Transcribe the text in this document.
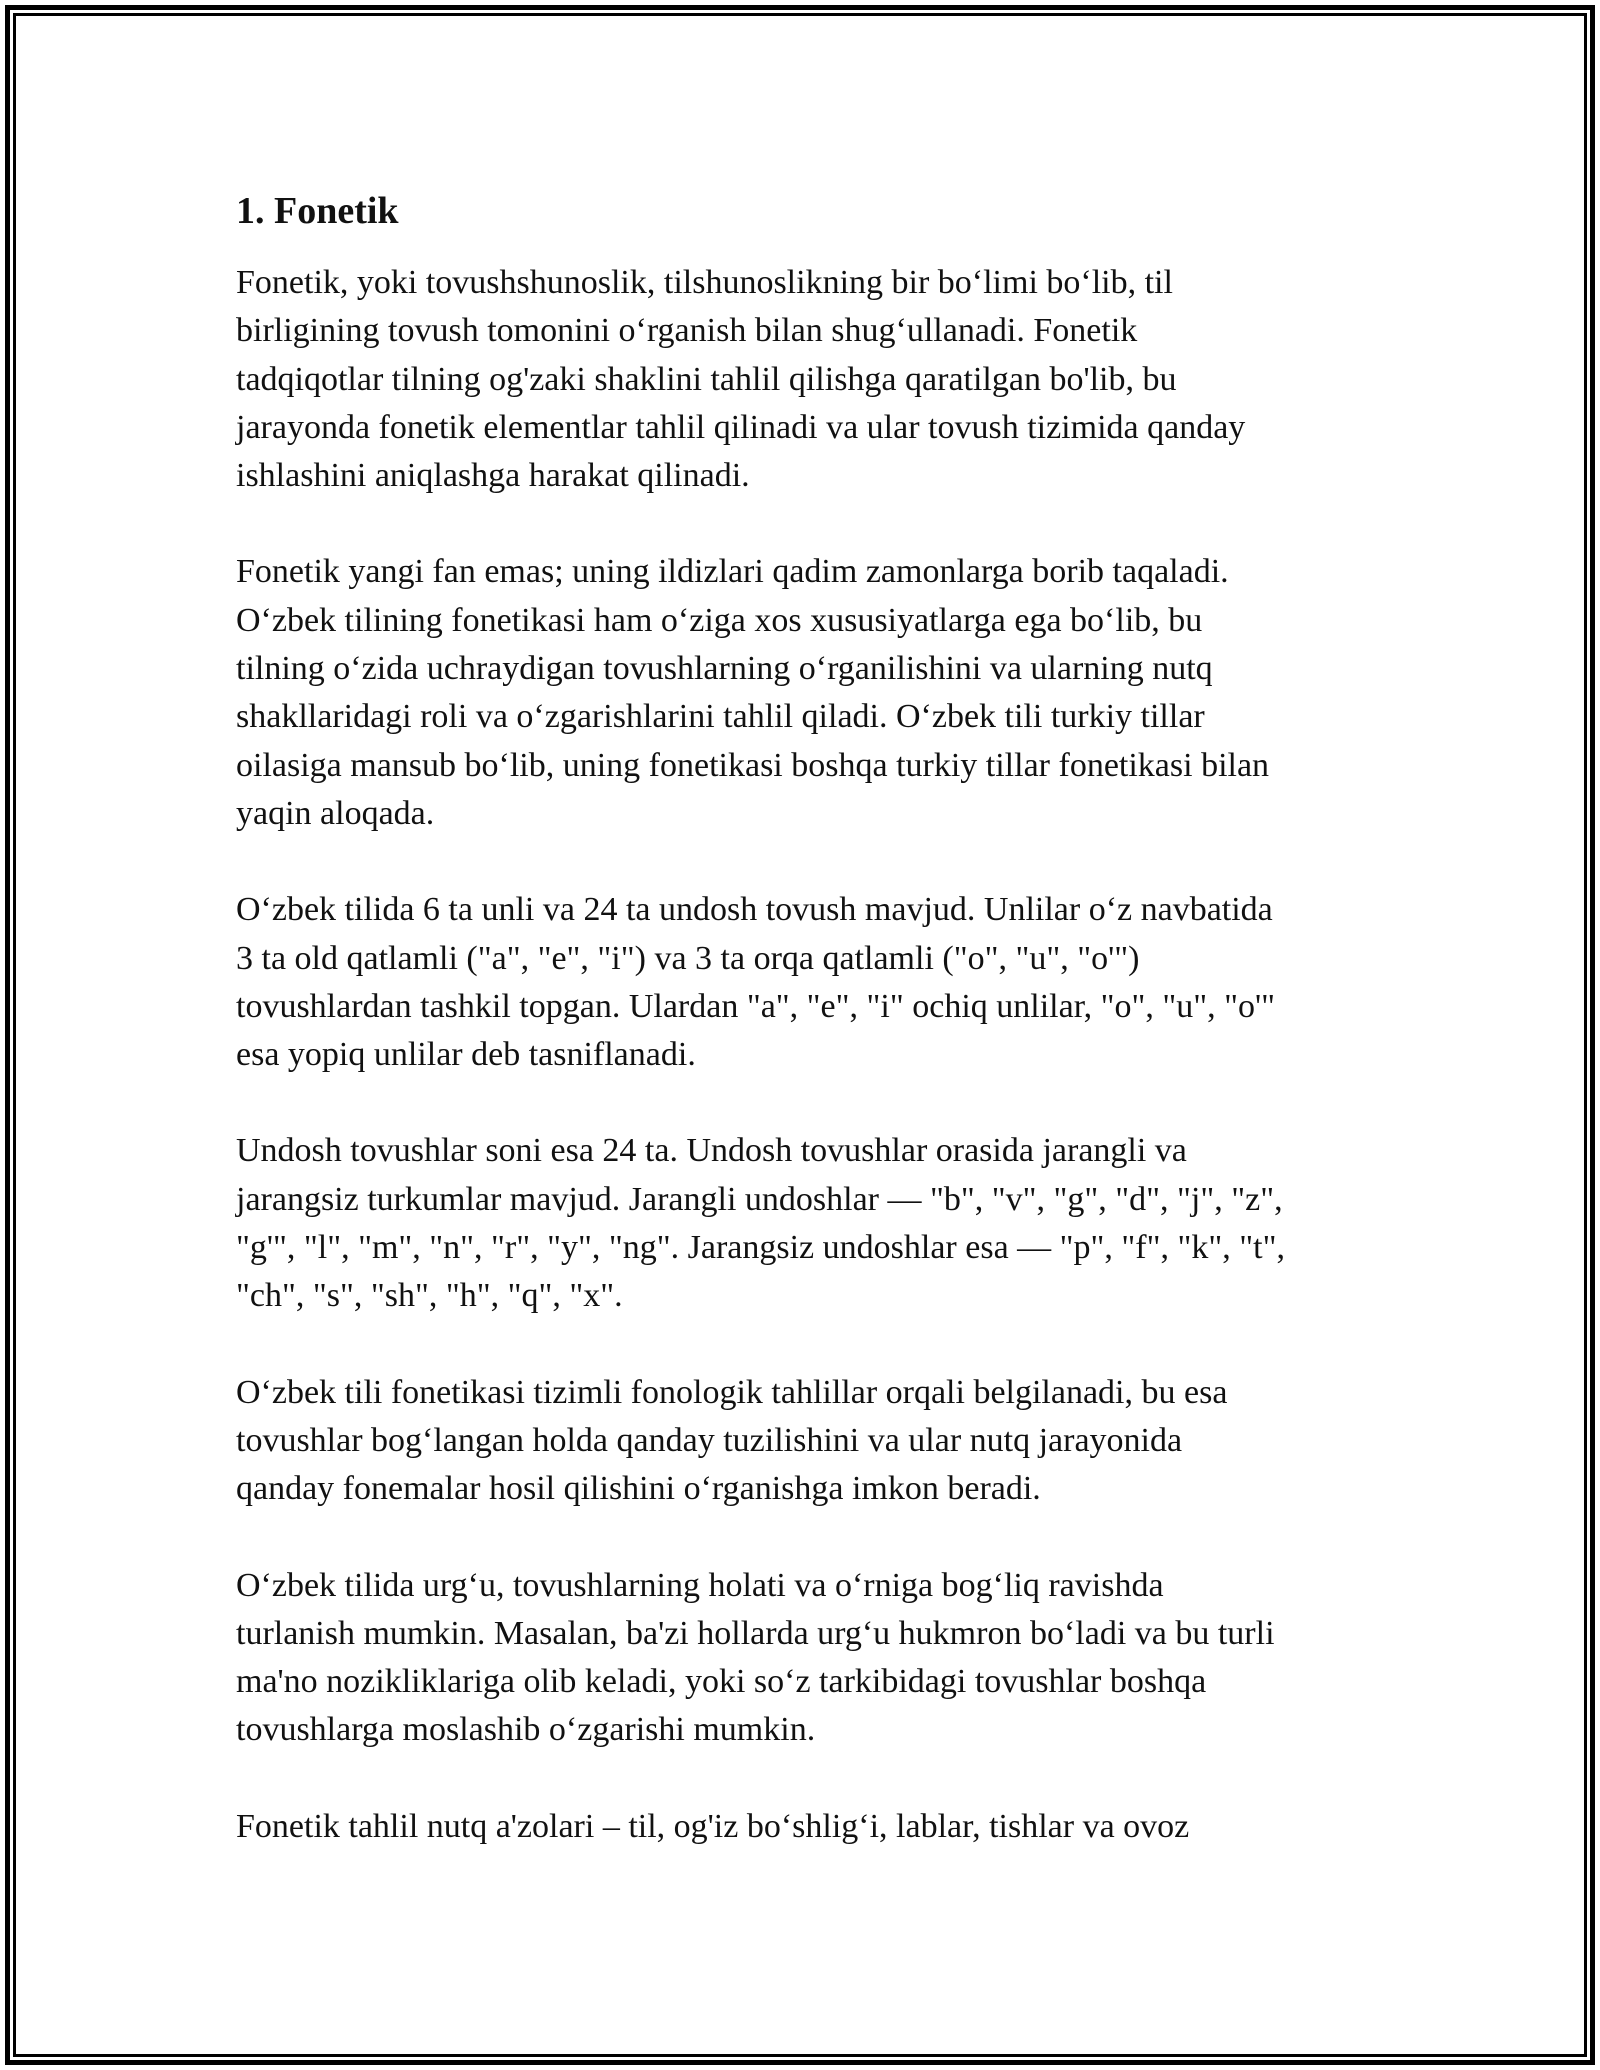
1. Fonetik

Fonetik, yoki tovushshunoslik, tilshunoslikning bir bo‘limi bo‘lib, til
birligining tovush tomonini o‘rganish bilan shug‘ullanadi. Fonetik
tadqiqotlar tilning og'zaki shaklini tahlil qilishga qaratilgan bo'lib, bu
jarayonda fonetik elementlar tahlil qilinadi va ular tovush tizimida qanday
ishlashini aniqlashga harakat qilinadi.

Fonetik yangi fan emas; uning ildizlari qadim zamonlarga borib taqaladi.
O‘zbek tilining fonetikasi ham o‘ziga xos xususiyatlarga ega bo‘lib, bu
tilning o‘zida uchraydigan tovushlarning o‘rganilishini va ularning nutq
shakllaridagi roli va o‘zgarishlarini tahlil qiladi. O‘zbek tili turkiy tillar
oilasiga mansub bo‘lib, uning fonetikasi boshqa turkiy tillar fonetikasi bilan
yaqin aloqada.

O‘zbek tilida 6 ta unli va 24 ta undosh tovush mavjud. Unlilar o‘z navbatida
3 ta old qatlamli ("a", "e", "i") va 3 ta orqa qatlamli ("o", "u", "o'")
tovushlardan tashkil topgan. Ulardan "a", "e", "i" ochiq unlilar, "o", "u", "o'"
esa yopiq unlilar deb tasniflanadi.

Undosh tovushlar soni esa 24 ta. Undosh tovushlar orasida jarangli va
jarangsiz turkumlar mavjud. Jarangli undoshlar — "b", "v", "g", "d", "j", "z",
"g'", "l", "m", "n", "r", "y", "ng". Jarangsiz undoshlar esa — "p", "f", "k", "t",
"ch", "s", "sh", "h", "q", "x".

O‘zbek tili fonetikasi tizimli fonologik tahlillar orqali belgilanadi, bu esa
tovushlar bog‘langan holda qanday tuzilishini va ular nutq jarayonida
qanday fonemalar hosil qilishini o‘rganishga imkon beradi.

O‘zbek tilida urg‘u, tovushlarning holati va o‘rniga bog‘liq ravishda
turlanish mumkin. Masalan, ba'zi hollarda urg‘u hukmron bo‘ladi va bu turli
ma'no nozikliklariga olib keladi, yoki so‘z tarkibidagi tovushlar boshqa
tovushlarga moslashib o‘zgarishi mumkin.

Fonetik tahlil nutq a'zolari – til, og'iz bo‘shlig‘i, lablar, tishlar va ovoz
